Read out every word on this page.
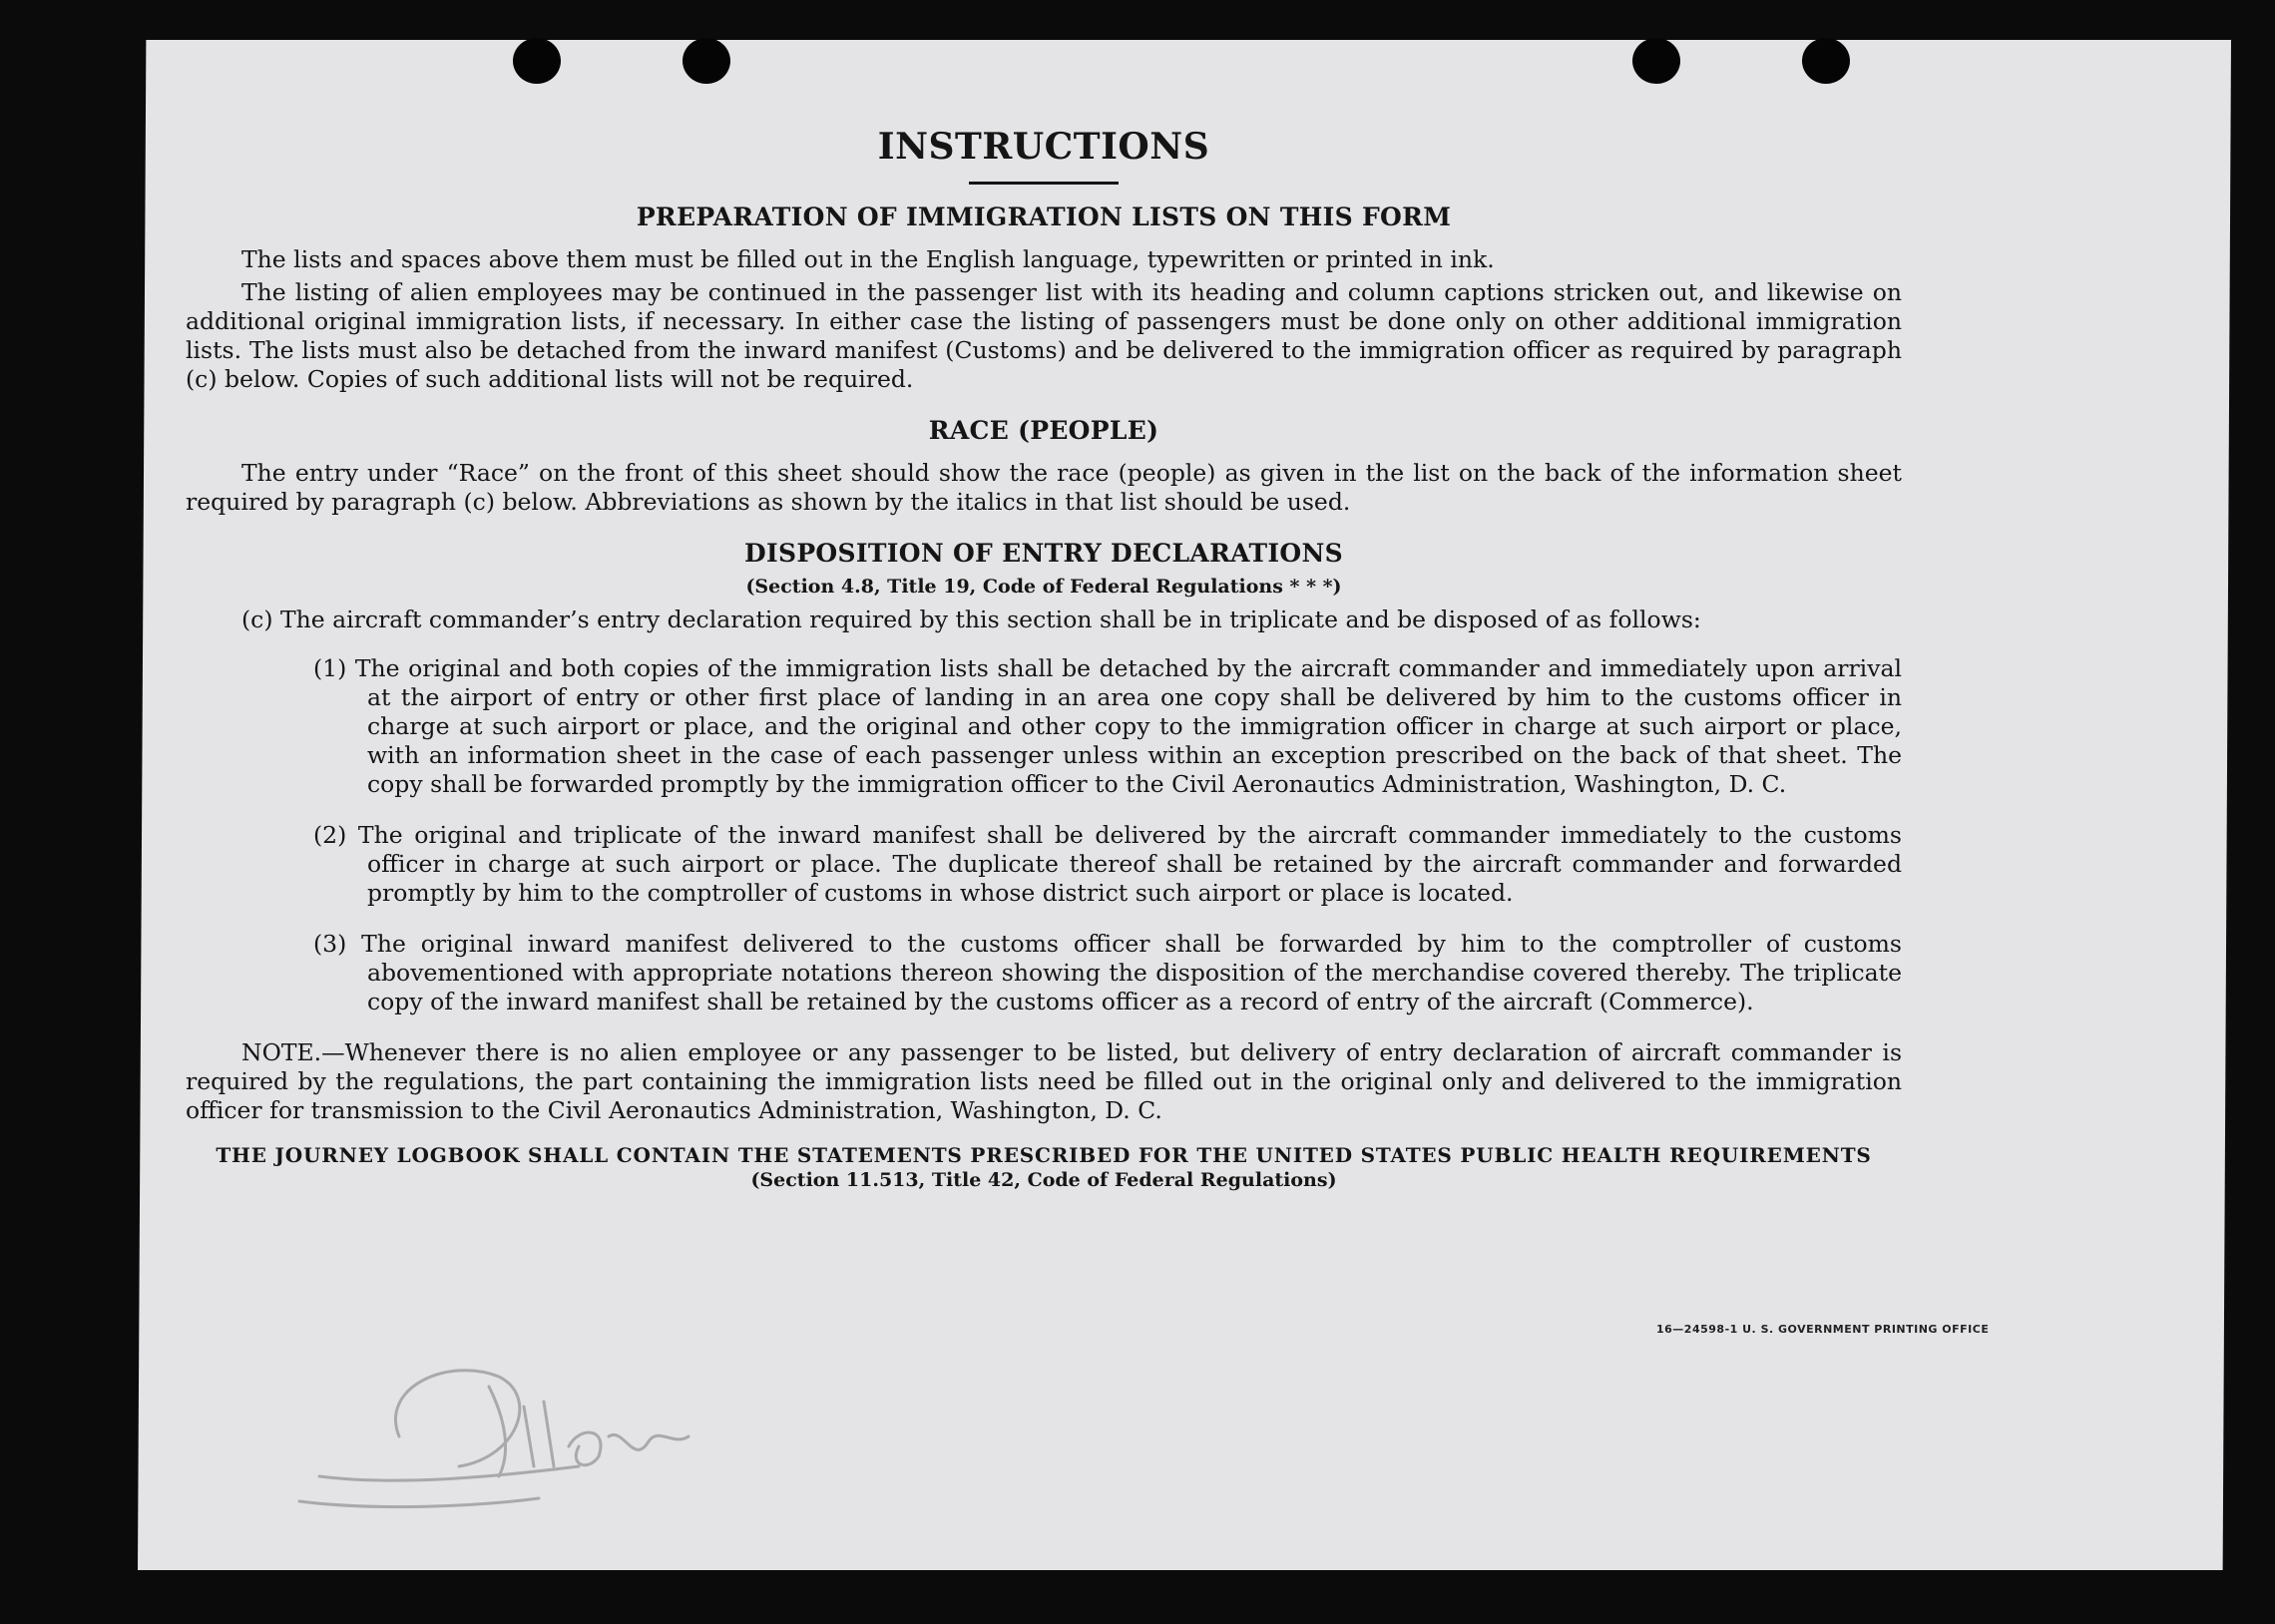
INSTRUCTIONS
PREPARATION OF IMMIGRATION LISTS ON THIS FORM

The lists and spaces above them must be filled out in the English language, typewritten or printed in ink.

The listing of alien employees may be continued in the passenger list with its heading and column captions stricken out, and likewise on additional original immigration lists, if necessary. In either case the listing of passengers must be done only on other additional immigration lists. The lists must also be detached from the inward manifest (Customs) and be delivered to the immigration officer as required by paragraph (c) below. Copies of such additional lists will not be required.

RACE (PEOPLE)

The entry under “Race” on the front of this sheet should show the race (people) as given in the list on the back of the information sheet required by paragraph (c) below. Abbreviations as shown by the italics in that list should be used.

DISPOSITION OF ENTRY DECLARATIONS
(Section 4.8, Title 19, Code of Federal Regulations * * *)
(c) The aircraft commander’s entry declaration required by this section shall be in triplicate and be disposed of as follows:
(1) The original and both copies of the immigration lists shall be detached by the aircraft commander and immediately upon arrival at the airport of entry or other first place of landing in an area one copy shall be delivered by him to the customs officer in charge at such airport or place, and the original and other copy to the immigration officer in charge at such airport or place, with an information sheet in the case of each passenger unless within an exception prescribed on the back of that sheet. The copy shall be forwarded promptly by the immigration officer to the Civil Aeronautics Administration, Washington, D. C.
(2) The original and triplicate of the inward manifest shall be delivered by the aircraft commander immediately to the customs officer in charge at such airport or place. The duplicate thereof shall be retained by the aircraft commander and forwarded promptly by him to the comptroller of customs in whose district such airport or place is located.
(3) The original inward manifest delivered to the customs officer shall be forwarded by him to the comptroller of customs abovementioned with appropriate notations thereon showing the disposition of the merchandise covered thereby. The triplicate copy of the inward manifest shall be retained by the customs officer as a record of entry of the aircraft (Commerce).

NOTE.—Whenever there is no alien employee or any passenger to be listed, but delivery of entry declaration of aircraft commander is required by the regulations, the part containing the immigration lists need be filled out in the original only and delivered to the immigration officer for transmission to the Civil Aeronautics Administration, Washington, D. C.

THE JOURNEY LOGBOOK SHALL CONTAIN THE STATEMENTS PRESCRIBED FOR THE UNITED STATES PUBLIC HEALTH REQUIREMENTS
(Section 11.513, Title 42, Code of Federal Regulations)
16—24598-1 U. S. GOVERNMENT PRINTING OFFICE
